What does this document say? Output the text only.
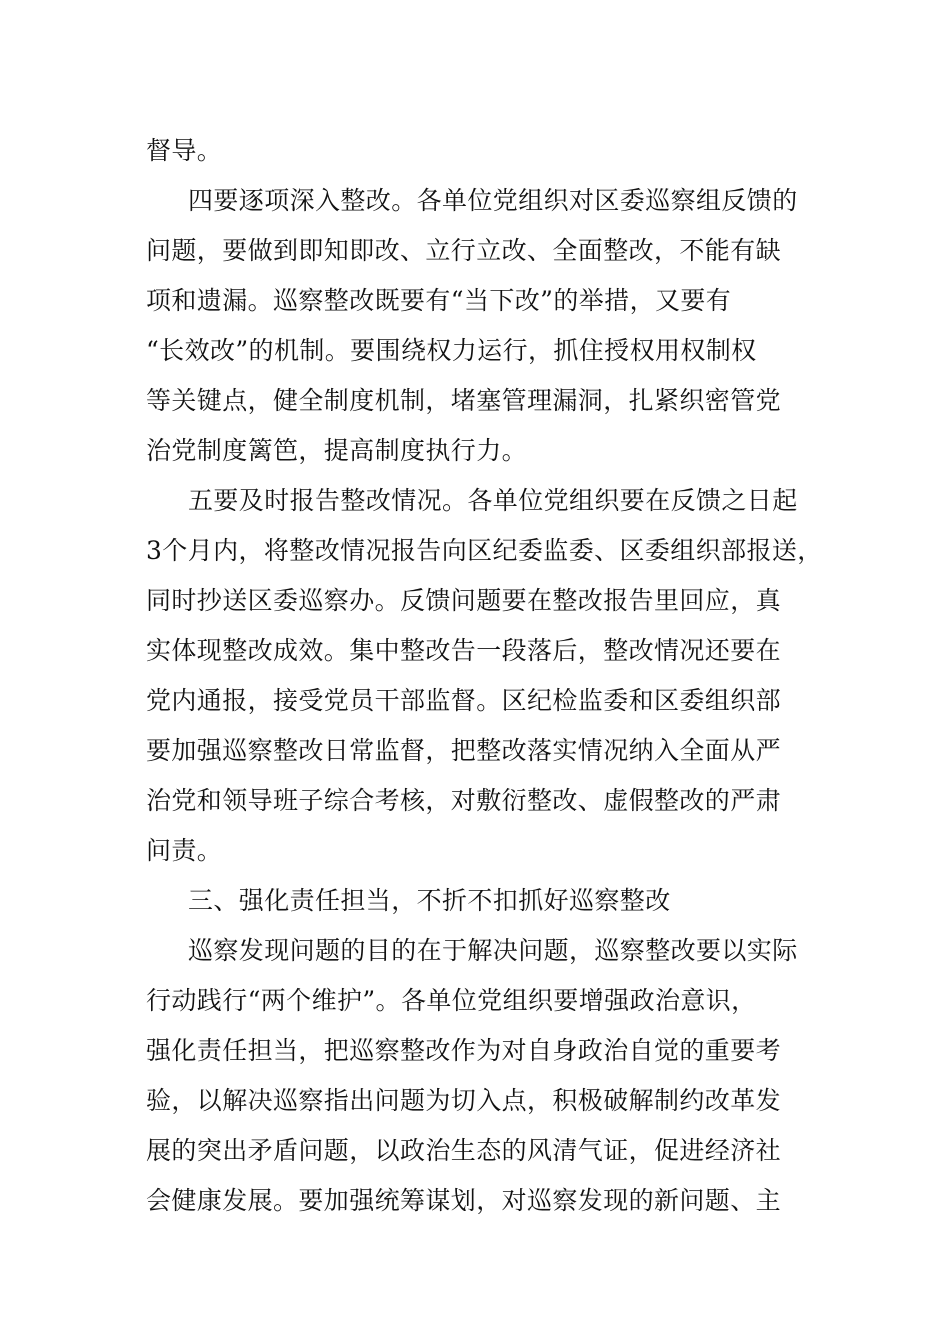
督导。
四要逐项深入整改。各单位党组织对区委巡察组反馈的
问题，要做到即知即改、立行立改、全面整改，不能有缺
项和遗漏。巡察整改既要有“当下改”的举措，又要有
“长效改”的机制。要围绕权力运行，抓住授权用权制权
等关键点，健全制度机制，堵塞管理漏洞，扎紧织密管党
治党制度篱笆，提高制度执行力。
五要及时报告整改情况。各单位党组织要在反馈之日起
3个月内，将整改情况报告向区纪委监委、区委组织部报送，
同时抄送区委巡察办。反馈问题要在整改报告里回应，真
实体现整改成效。集中整改告一段落后，整改情况还要在
党内通报，接受党员干部监督。区纪检监委和区委组织部
要加强巡察整改日常监督，把整改落实情况纳入全面从严
治党和领导班子综合考核，对敷衍整改、虚假整改的严肃
问责。
三、强化责任担当，不折不扣抓好巡察整改
巡察发现问题的目的在于解决问题，巡察整改要以实际
行动践行“两个维护”。各单位党组织要增强政治意识，
强化责任担当，把巡察整改作为对自身政治自觉的重要考
验，以解决巡察指出问题为切入点，积极破解制约改革发
展的突出矛盾问题，以政治生态的风清气证，促进经济社
会健康发展。要加强统筹谋划，对巡察发现的新问题、主
